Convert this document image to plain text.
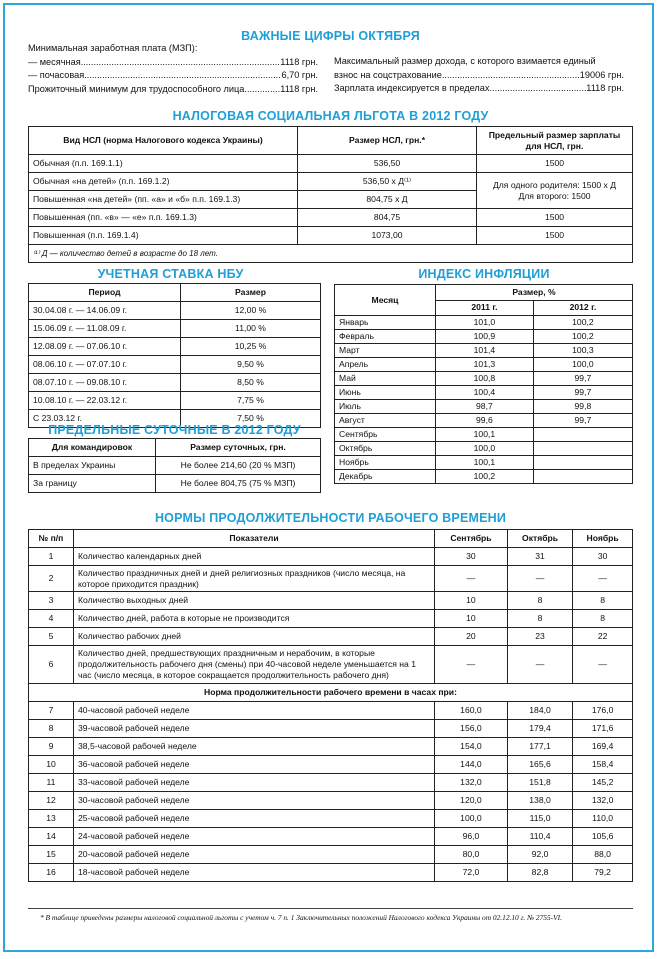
ВАЖНЫЕ ЦИФРЫ ОКТЯБРЯ
Минимальная заработная плата (МЗП):
— месячная .....	1118 грн.
— почасовая .....	6,70 грн.
Прожиточный минимум для трудоспособного лица .....	1118 грн.
Максимальный размер дохода, с которого взимается единый
взнос на соцстрахование .....	19006 грн.
Зарплата индексируется в пределах .....	1118 грн.
НАЛОГОВАЯ СОЦИАЛЬНАЯ ЛЬГОТА В 2012 ГОДУ
Вид НСЛ (норма Налогового кодекса Украины)	Размер НСЛ, грн.*	Предельный размер зарплаты для НСЛ, грн.
Обычная (п.п. 169.1.1)	536,50	1500
Обычная «на детей» (п.п. 169.1.2)	536,50 х Д⁽¹⁾	Для одного родителя: 1500 х Д
Для второго: 1500

Повышенная «на детей» (пп. «а» и «б» п.п. 169.1.3)	804,75 х Д	
Повышенная (пп. «в» — «е» п.п. 169.1.3)	804,75	1500
Повышенная (п.п. 169.1.4)	1073,00	1500
⁽¹⁾ Д — количество детей в возрасте до 18 лет.		
УЧЕТНАЯ СТАВКА НБУ
Период	Размер
30.04.08 г. — 14.06.09 г.	12,00 %
15.06.09 г. — 11.08.09 г.	11,00 %
12.08.09 г. — 07.06.10 г.	10,25 %
08.06.10 г. — 07.07.10 г.	9,50 %
08.07.10 г. — 09.08.10 г.	8,50 %
10.08.10 г. — 22.03.12 г.	7,75 %
С 23.03.12 г.	7,50 %
ПРЕДЕЛЬНЫЕ СУТОЧНЫЕ В 2012 ГОДУ
Для командировок	Размер суточных, грн.
В пределах Украины	Не более 214,60 (20 % МЗП)
За границу	Не более 804,75 (75 % МЗП)
ИНДЕКС ИНФЛЯЦИИ
Месяц	Размер, %	
	2011 г.	2012 г.
Январь	101,0	100,2
Февраль	100,9	100,2
Март	101,4	100,3
Апрель	101,3	100,0
Май	100,8	99,7
Июнь	100,4	99,7
Июль	98,7	99,8
Август	99,6	99,7
Сентябрь	100,1	
Октябрь	100,0	
Ноябрь	100,1	
Декабрь	100,2	
НОРМЫ ПРОДОЛЖИТЕЛЬНОСТИ РАБОЧЕГО ВРЕМЕНИ
№ п/п	Показатели	Сентябрь	Октябрь	Ноябрь
1	Количество календарных дней	30	31	30
2	Количество праздничных дней и дней религиозных праздников (число месяца, на которое приходится праздник)	—	—	—
3	Количество выходных дней	10	8	8
4	Количество дней, работа в которые не производится	10	8	8
5	Количество рабочих дней	20	23	22
6	Количество дней, предшествующих праздничным и нерабочим, в которые продолжительность рабочего дня (смены) при 40-часовой неделе уменьшается на 1 час (число месяца, в которое сокращается продолжительность рабочего дня)	—	—	—
Норма продолжительности рабочего времени в часах при:				
7	40-часовой рабочей неделе	160,0	184,0	176,0
8	39-часовой рабочей неделе	156,0	179,4	171,6
9	38,5-часовой рабочей неделе	154,0	177,1	169,4
10	36-часовой рабочей неделе	144,0	165,6	158,4
11	33-часовой рабочей неделе	132,0	151,8	145,2
12	30-часовой рабочей неделе	120,0	138,0	132,0
13	25-часовой рабочей неделе	100,0	115,0	110,0
14	24-часовой рабочей неделе	96,0	110,4	105,6
15	20-часовой рабочей неделе	80,0	92,0	88,0
16	18-часовой рабочей неделе	72,0	82,8	79,2
* В таблице приведены размеры налоговой социальной льготы с учетом ч. 7 п. 1 Заключительных положений Налогового кодекса Украины от 02.12.10 г. № 2755-VI.
